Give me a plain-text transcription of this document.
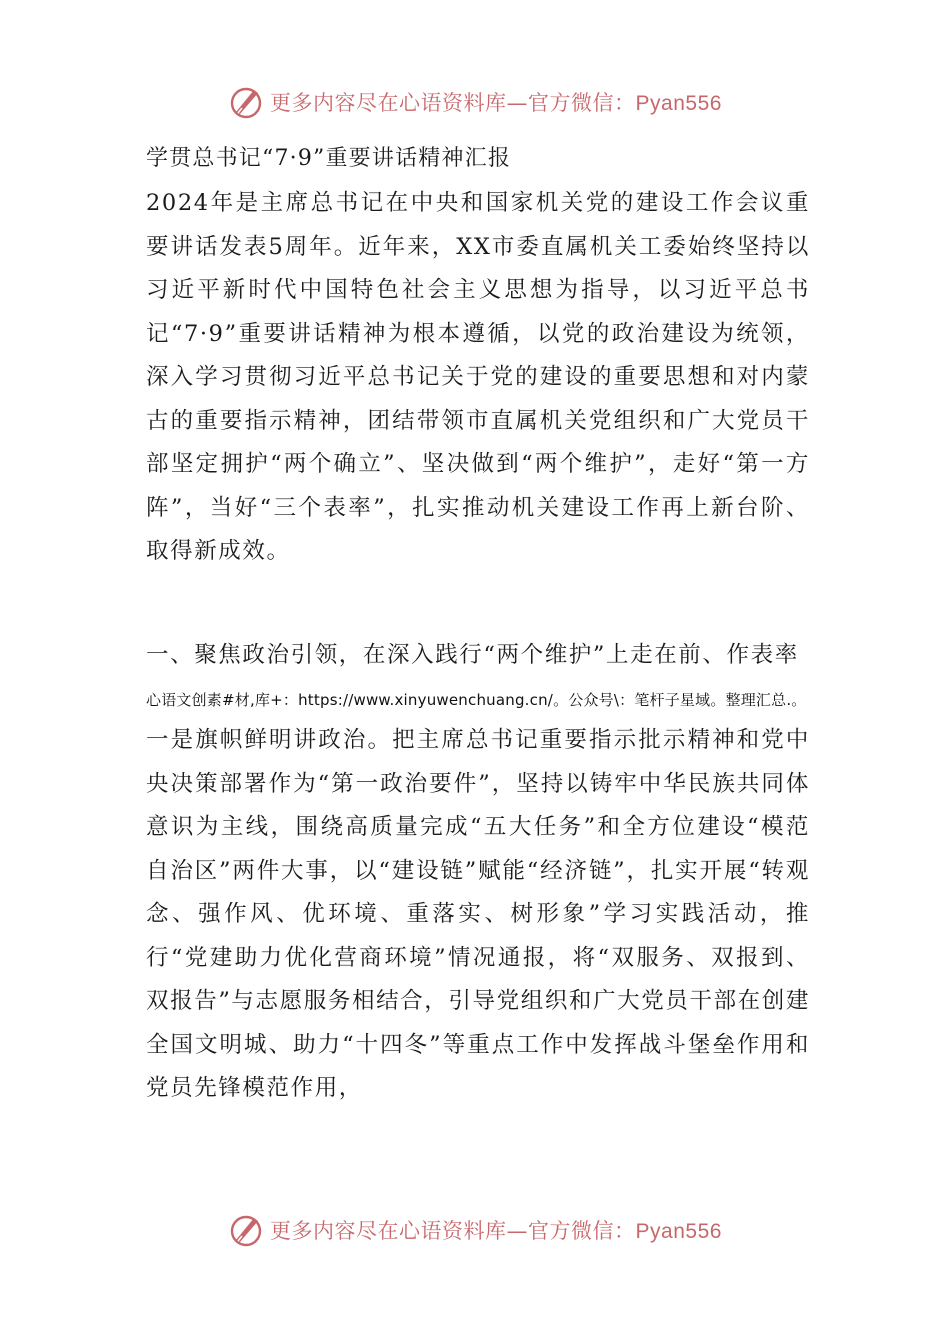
更多内容尽在心语资料库—官方微信：Pyan556

学贯总书记“7·9”重要讲话精神汇报

2024年是主席总书记在中央和国家机关党的建设工作会议重要讲话发表5周年。近年来，XX市委直属机关工委始终坚持以习近平新时代中国特色社会主义思想为指导，以习近平总书记“7·9”重要讲话精神为根本遵循，以党的政治建设为统领，深入学习贯彻习近平总书记关于党的建设的重要思想和对内蒙古的重要指示精神，团结带领市直属机关党组织和广大党员干部坚定拥护“两个确立”、坚决做到“两个维护”，走好“第一方阵”，当好“三个表率”，扎实推动机关建设工作再上新台阶、取得新成效。

一、聚焦政治引领，在深入践行“两个维护”上走在前、作表率

心语文创素#材,库+：https://www.xinyuwenchuang.cn/。公众号\：笔杆子星域。整理汇总.。

一是旗帜鲜明讲政治。把主席总书记重要指示批示精神和党中央决策部署作为“第一政治要件”，坚持以铸牢中华民族共同体意识为主线，围绕高质量完成“五大任务”和全方位建设“模范自治区”两件大事，以“建设链”赋能“经济链”，扎实开展“转观念、强作风、优环境、重落实、树形象”学习实践活动，推行“党建助力优化营商环境”情况通报，将“双服务、双报到、双报告”与志愿服务相结合，引导党组织和广大党员干部在创建全国文明城、助力“十四冬”等重点工作中发挥战斗堡垒作用和党员先锋模范作用，

更多内容尽在心语资料库—官方微信：Pyan556
